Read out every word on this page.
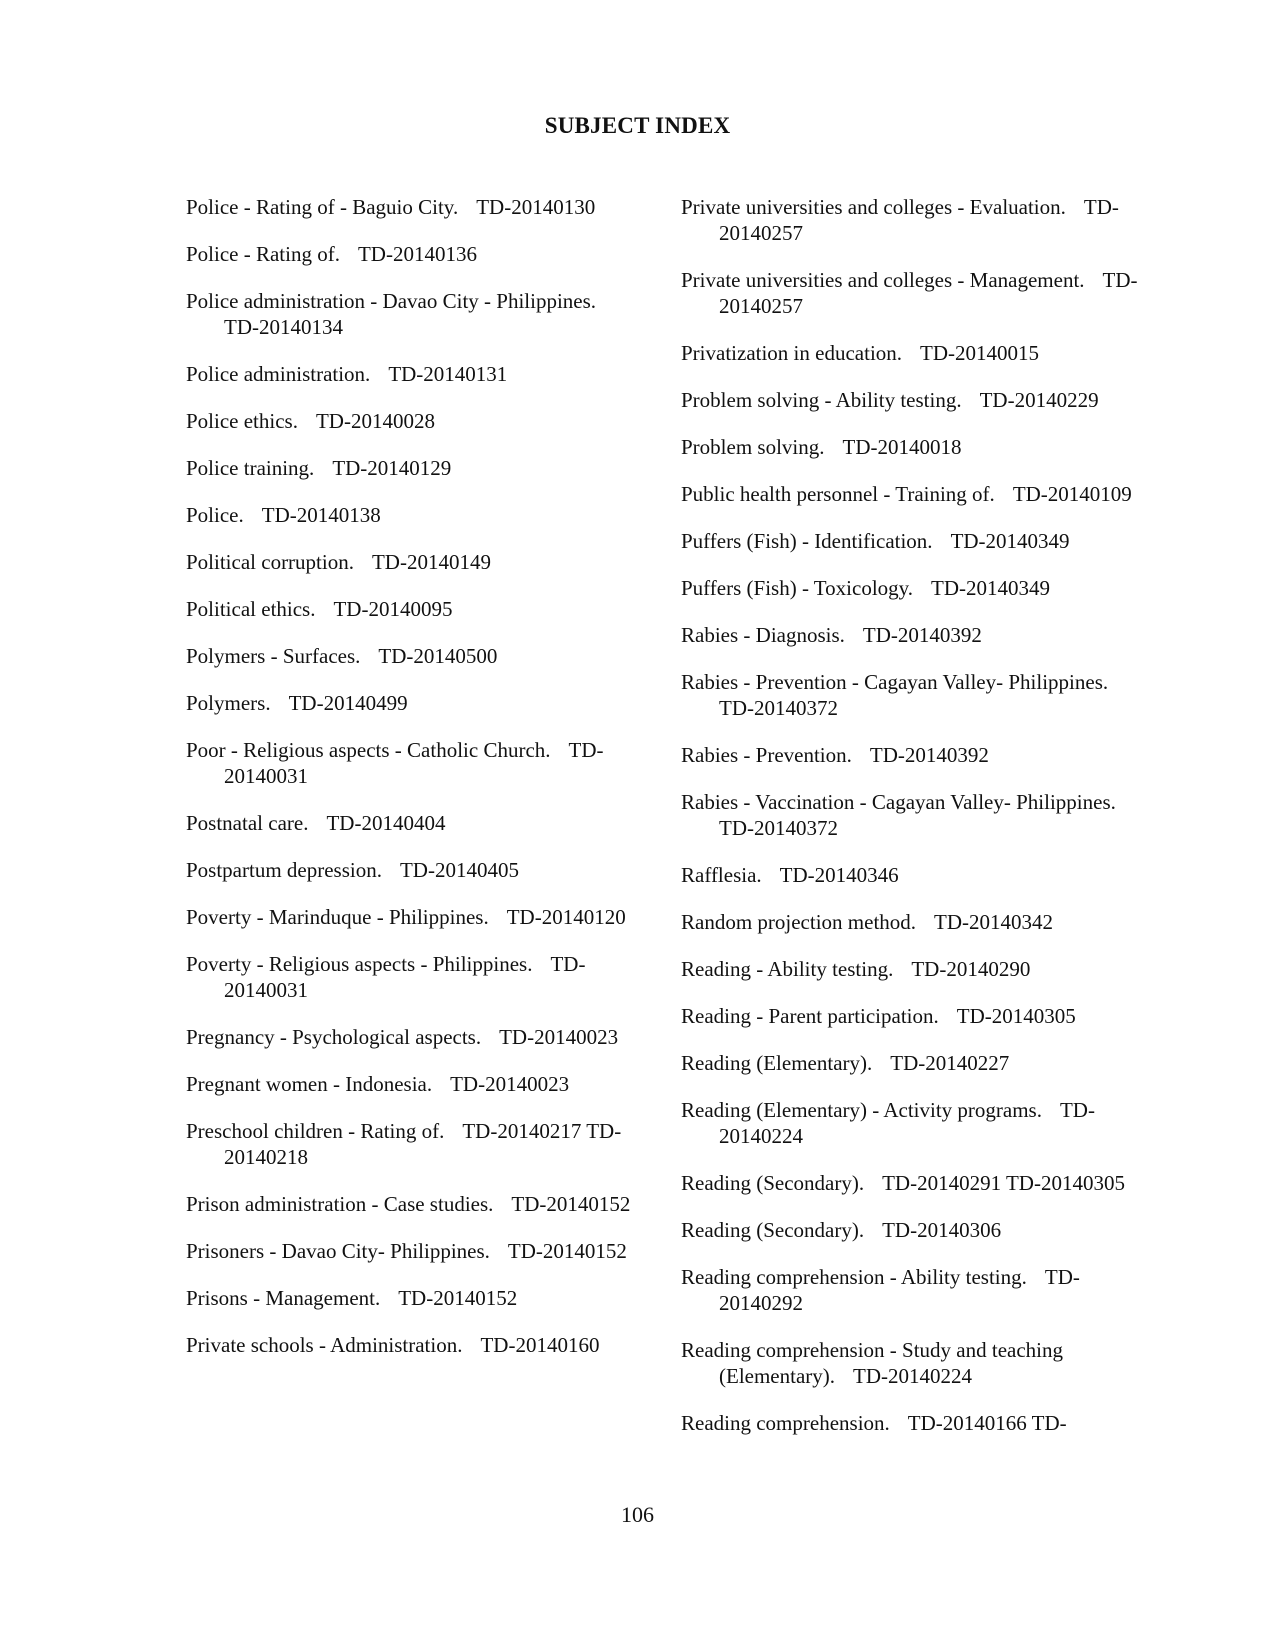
SUBJECT INDEX
Police - Rating of - Baguio City. TD-20140130
Police - Rating of. TD-20140136
Police administration - Davao City - Philippines.TD-20140134
Police administration. TD-20140131
Police ethics. TD-20140028
Police training. TD-20140129
Police. TD-20140138
Political corruption. TD-20140149
Political ethics. TD-20140095
Polymers - Surfaces. TD-20140500
Polymers. TD-20140499
Poor - Religious aspects - Catholic Church. TD-20140031
Postnatal care. TD-20140404
Postpartum depression. TD-20140405
Poverty - Marinduque - Philippines. TD-20140120
Poverty - Religious aspects - Philippines. TD-20140031
Pregnancy - Psychological aspects. TD-20140023
Pregnant women - Indonesia. TD-20140023
Preschool children - Rating of. TD-20140217 TD-20140218
Prison administration - Case studies. TD-20140152
Prisoners - Davao City- Philippines. TD-20140152
Prisons - Management. TD-20140152
Private schools - Administration. TD-20140160
Private universities and colleges - Evaluation. TD-20140257
Private universities and colleges - Management. TD-20140257
Privatization in education. TD-20140015
Problem solving - Ability testing. TD-20140229
Problem solving. TD-20140018
Public health personnel - Training of. TD-20140109
Puffers (Fish) - Identification. TD-20140349
Puffers (Fish) - Toxicology. TD-20140349
Rabies - Diagnosis. TD-20140392
Rabies - Prevention - Cagayan Valley- Philippines.TD-20140372
Rabies - Prevention. TD-20140392
Rabies - Vaccination - Cagayan Valley- Philippines.TD-20140372
Rafflesia. TD-20140346
Random projection method. TD-20140342
Reading - Ability testing. TD-20140290
Reading - Parent participation. TD-20140305
Reading (Elementary). TD-20140227
Reading (Elementary) - Activity programs. TD-20140224
Reading (Secondary). TD-20140291 TD-20140305
Reading (Secondary). TD-20140306
Reading comprehension - Ability testing. TD-20140292
Reading comprehension - Study and teaching (Elementary). TD-20140224
Reading comprehension. TD-20140166 TD-
106
